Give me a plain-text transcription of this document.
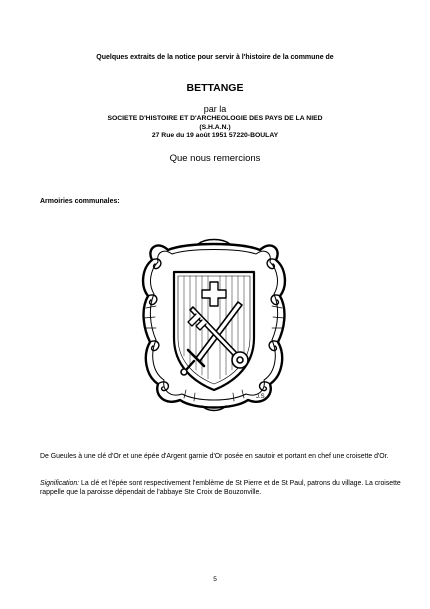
Quelques extraits de la notice pour servir à l'histoire de la commune de
BETTANGE
par la
SOCIETE D'HISTOIRE ET D'ARCHEOLOGIE DES PAYS DE LA NIED
(S.H.A.N.)
27 Rue du 19 août 1951 57220-BOULAY
Que nous remercions
Armoiries communales:
J.S.
De Gueules à une clé d'Or et une épée d'Argent garnie d'Or posée en sautoir et portant en chef une croisette d'Or.
Signification: La clé et l'épée sont respectivement l'emblème de St Pierre et de St Paul, patrons du village. La croisette rappelle que la paroisse dépendait de l'abbaye Ste Croix de Bouzonville.
5
